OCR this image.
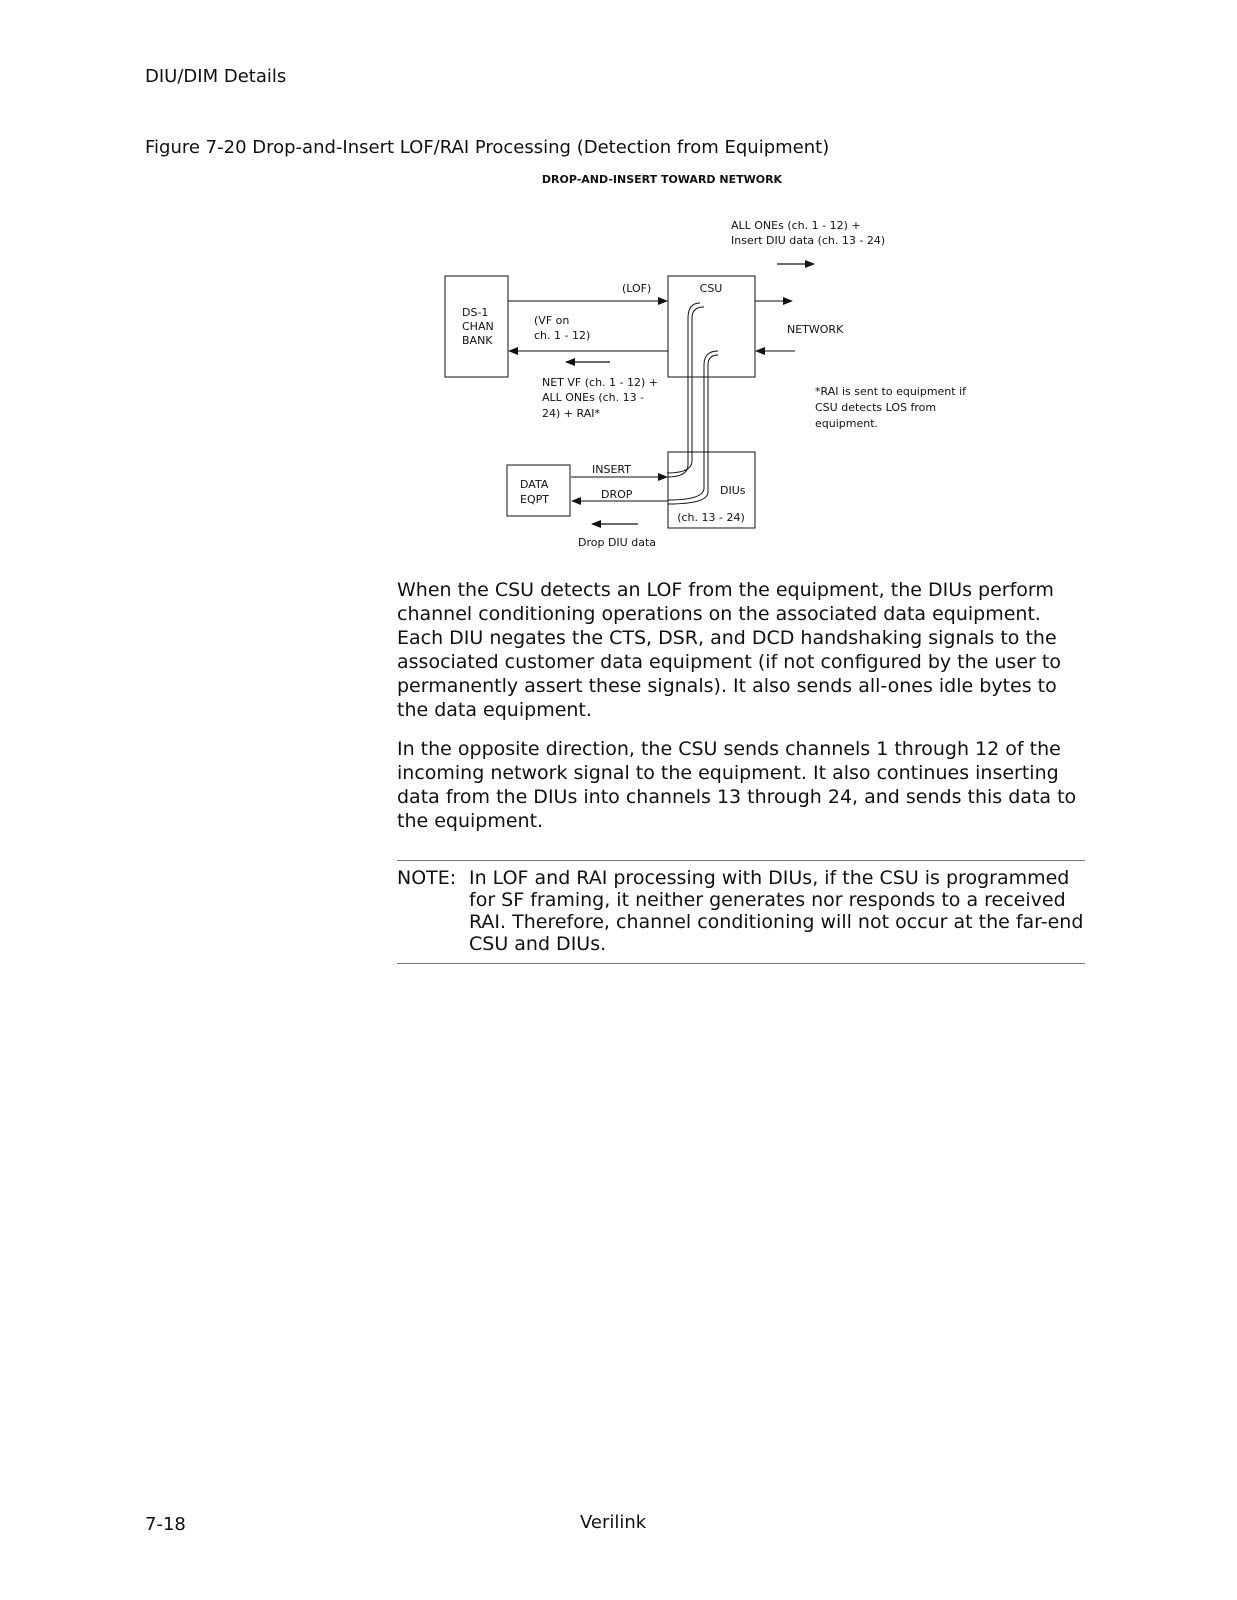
DIU/DIM Details
Figure 7-20 Drop-and-Insert LOF/RAI Processing (Detection from Equipment)
DROP-AND-INSERT TOWARD NETWORK
ALL ONEs (ch. 1 - 12) +
Insert DIU data (ch. 13 - 24)
(LOF)	CSU
DS-1
CHAN
BANK
(VF on
ch. 1 - 12)	NETWORK
NET VF (ch. 1 - 12) +
ALL ONEs (ch. 13 -
24) + RAI*
*RAI is sent to equipment if
CSU detects LOS from
equipment.
INSERT
DROP
DATA
EQPT
DIUs
(ch. 13 - 24)
Drop DIU data

When the CSU detects an LOF from the equipment, the DIUs perform channel conditioning operations on the associated data equipment. Each DIU negates the CTS, DSR, and DCD handshaking signals to the associated customer data equipment (if not configured by the user to permanently assert these signals). It also sends all-ones idle bytes to the data equipment.

In the opposite direction, the CSU sends channels 1 through 12 of the incoming network signal to the equipment. It also continues inserting data from the DIUs into channels 13 through 24, and sends this data to the equipment.

NOTE: In LOF and RAI processing with DIUs, if the CSU is programmed for SF framing, it neither generates nor responds to a received RAI. Therefore, channel conditioning will not occur at the far-end CSU and DIUs.
7-18	Verilink
